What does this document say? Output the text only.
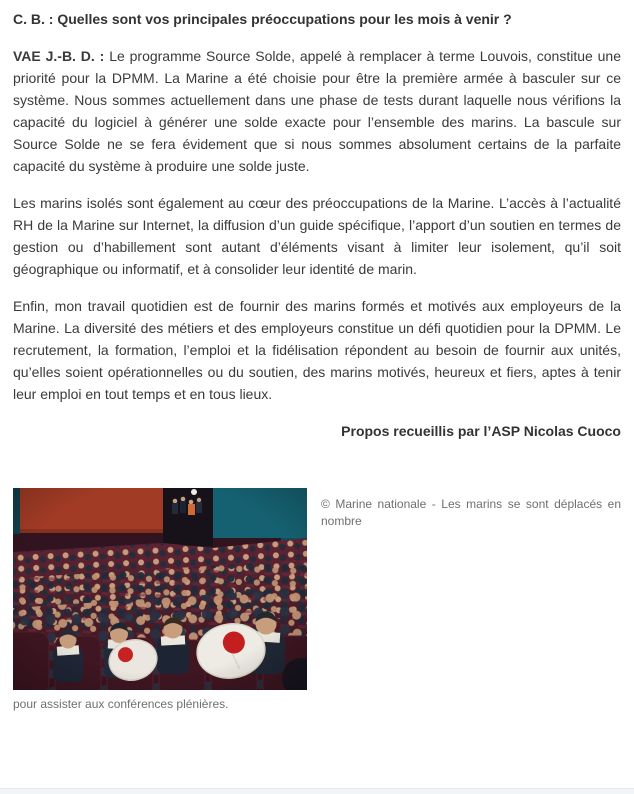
C. B. : Quelles sont vos principales préoccupations pour les mois à venir ?

VAE J.-B. D. : Le programme Source Solde, appelé à remplacer à terme Louvois, constitue une priorité pour la DPMM. La Marine a été choisie pour être la première armée à basculer sur ce système. Nous sommes actuellement dans une phase de tests durant laquelle nous vérifions la capacité du logiciel à générer une solde exacte pour l’ensemble des marins. La bascule sur Source Solde ne se fera évidement que si nous sommes absolument certains de la parfaite capacité du système à produire une solde juste.

Les marins isolés sont également au cœur des préoccupations de la Marine. L’accès à l’actualité RH de la Marine sur Internet, la diffusion d’un guide spécifique, l’apport d’un soutien en termes de gestion ou d’habillement sont autant d’éléments visant à limiter leur isolement, qu’il soit géographique ou informatif, et à consolider leur identité de marin.

Enfin, mon travail quotidien est de fournir des marins formés et motivés aux employeurs de la Marine. La diversité des métiers et des employeurs constitue un défi quotidien pour la DPMM. Le recrutement, la formation, l’emploi et la fidélisation répondent au besoin de fournir aux unités, qu’elles soient opérationnelles ou du soutien, des marins motivés, heureux et fiers, aptes à tenir leur emploi en tout temps et en tous lieux.

Propos recueillis par l’ASP Nicolas Cuoco

© Marine nationale - Les marins se sont déplacés en nombre

pour assister aux conférences plénières.
